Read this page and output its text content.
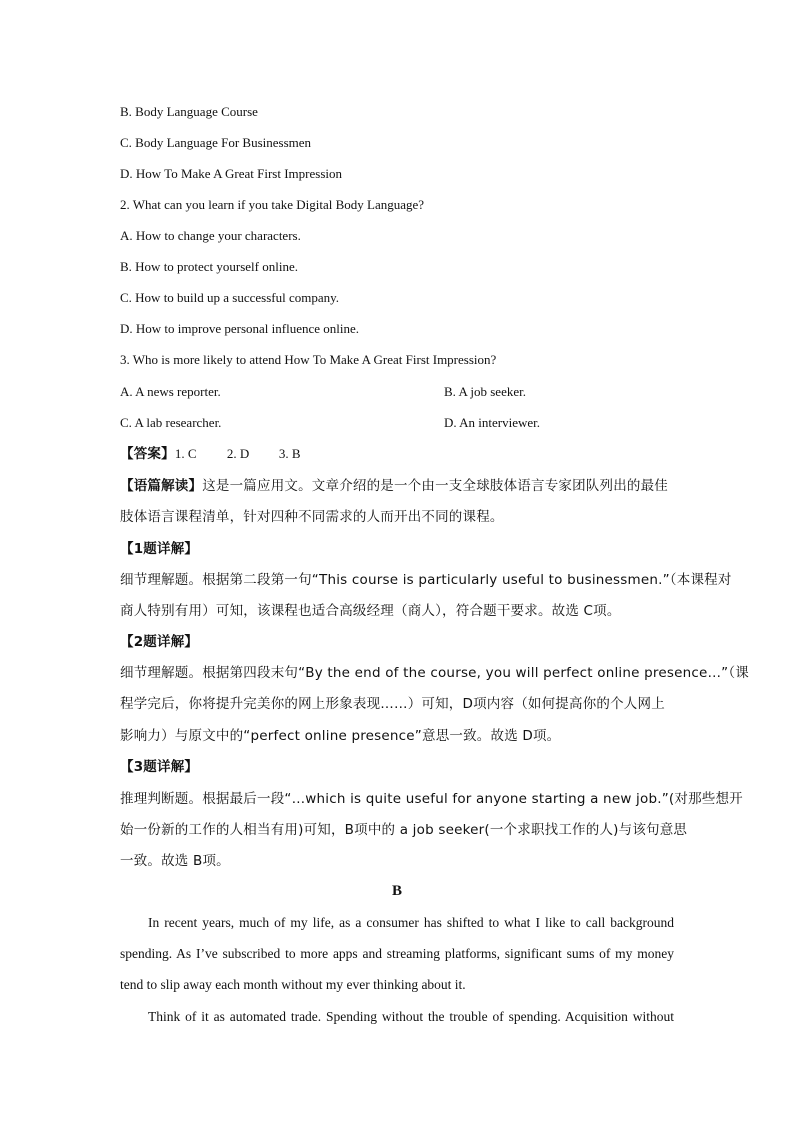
B. Body Language Course
C. Body Language For Businessmen
D. How To Make A Great First Impression
2. What can you learn if you take Digital Body Language?
A. How to change your characters.
B. How to protect yourself online.
C. How to build up a successful company.
D. How to improve personal influence online.
3. Who is more likely to attend How To Make A Great First Impression?
A. A news reporter.	B. A job seeker.
C. A lab researcher.	D. An interviewer.
【答案】1. C 2. D 3. B
【语篇解读】这是一篇应用文。文章介绍的是一个由一支全球肢体语言专家团队列出的最佳
肢体语言课程清单，针对四种不同需求的人而开出不同的课程。
【1题详解】
细节理解题。根据第二段第一句“This course is particularly useful to businessmen.”（本课程对
商人特别有用）可知，该课程也适合高级经理（商人），符合题干要求。故选 C项。
【2题详解】
细节理解题。根据第四段末句“By the end of the course, you will perfect online presence…”（课
程学完后，你将提升完美你的网上形象表现……）可知，D项内容（如何提高你的个人网上
影响力）与原文中的“perfect online presence”意思一致。故选 D项。
【3题详解】
推理判断题。根据最后一段“…which is quite useful for anyone starting a new job.”(对那些想开
始一份新的工作的人相当有用)可知，B项中的 a job seeker(一个求职找工作的人)与该句意思
一致。故选 B项。
B
In recent years, much of my life, as a consumer has shifted to what I like to call background
spending. As I’ve subscribed to more apps and streaming platforms, significant sums of my money
tend to slip away each month without my ever thinking about it.
Think of it as automated trade. Spending without the trouble of spending. Acquisition without
